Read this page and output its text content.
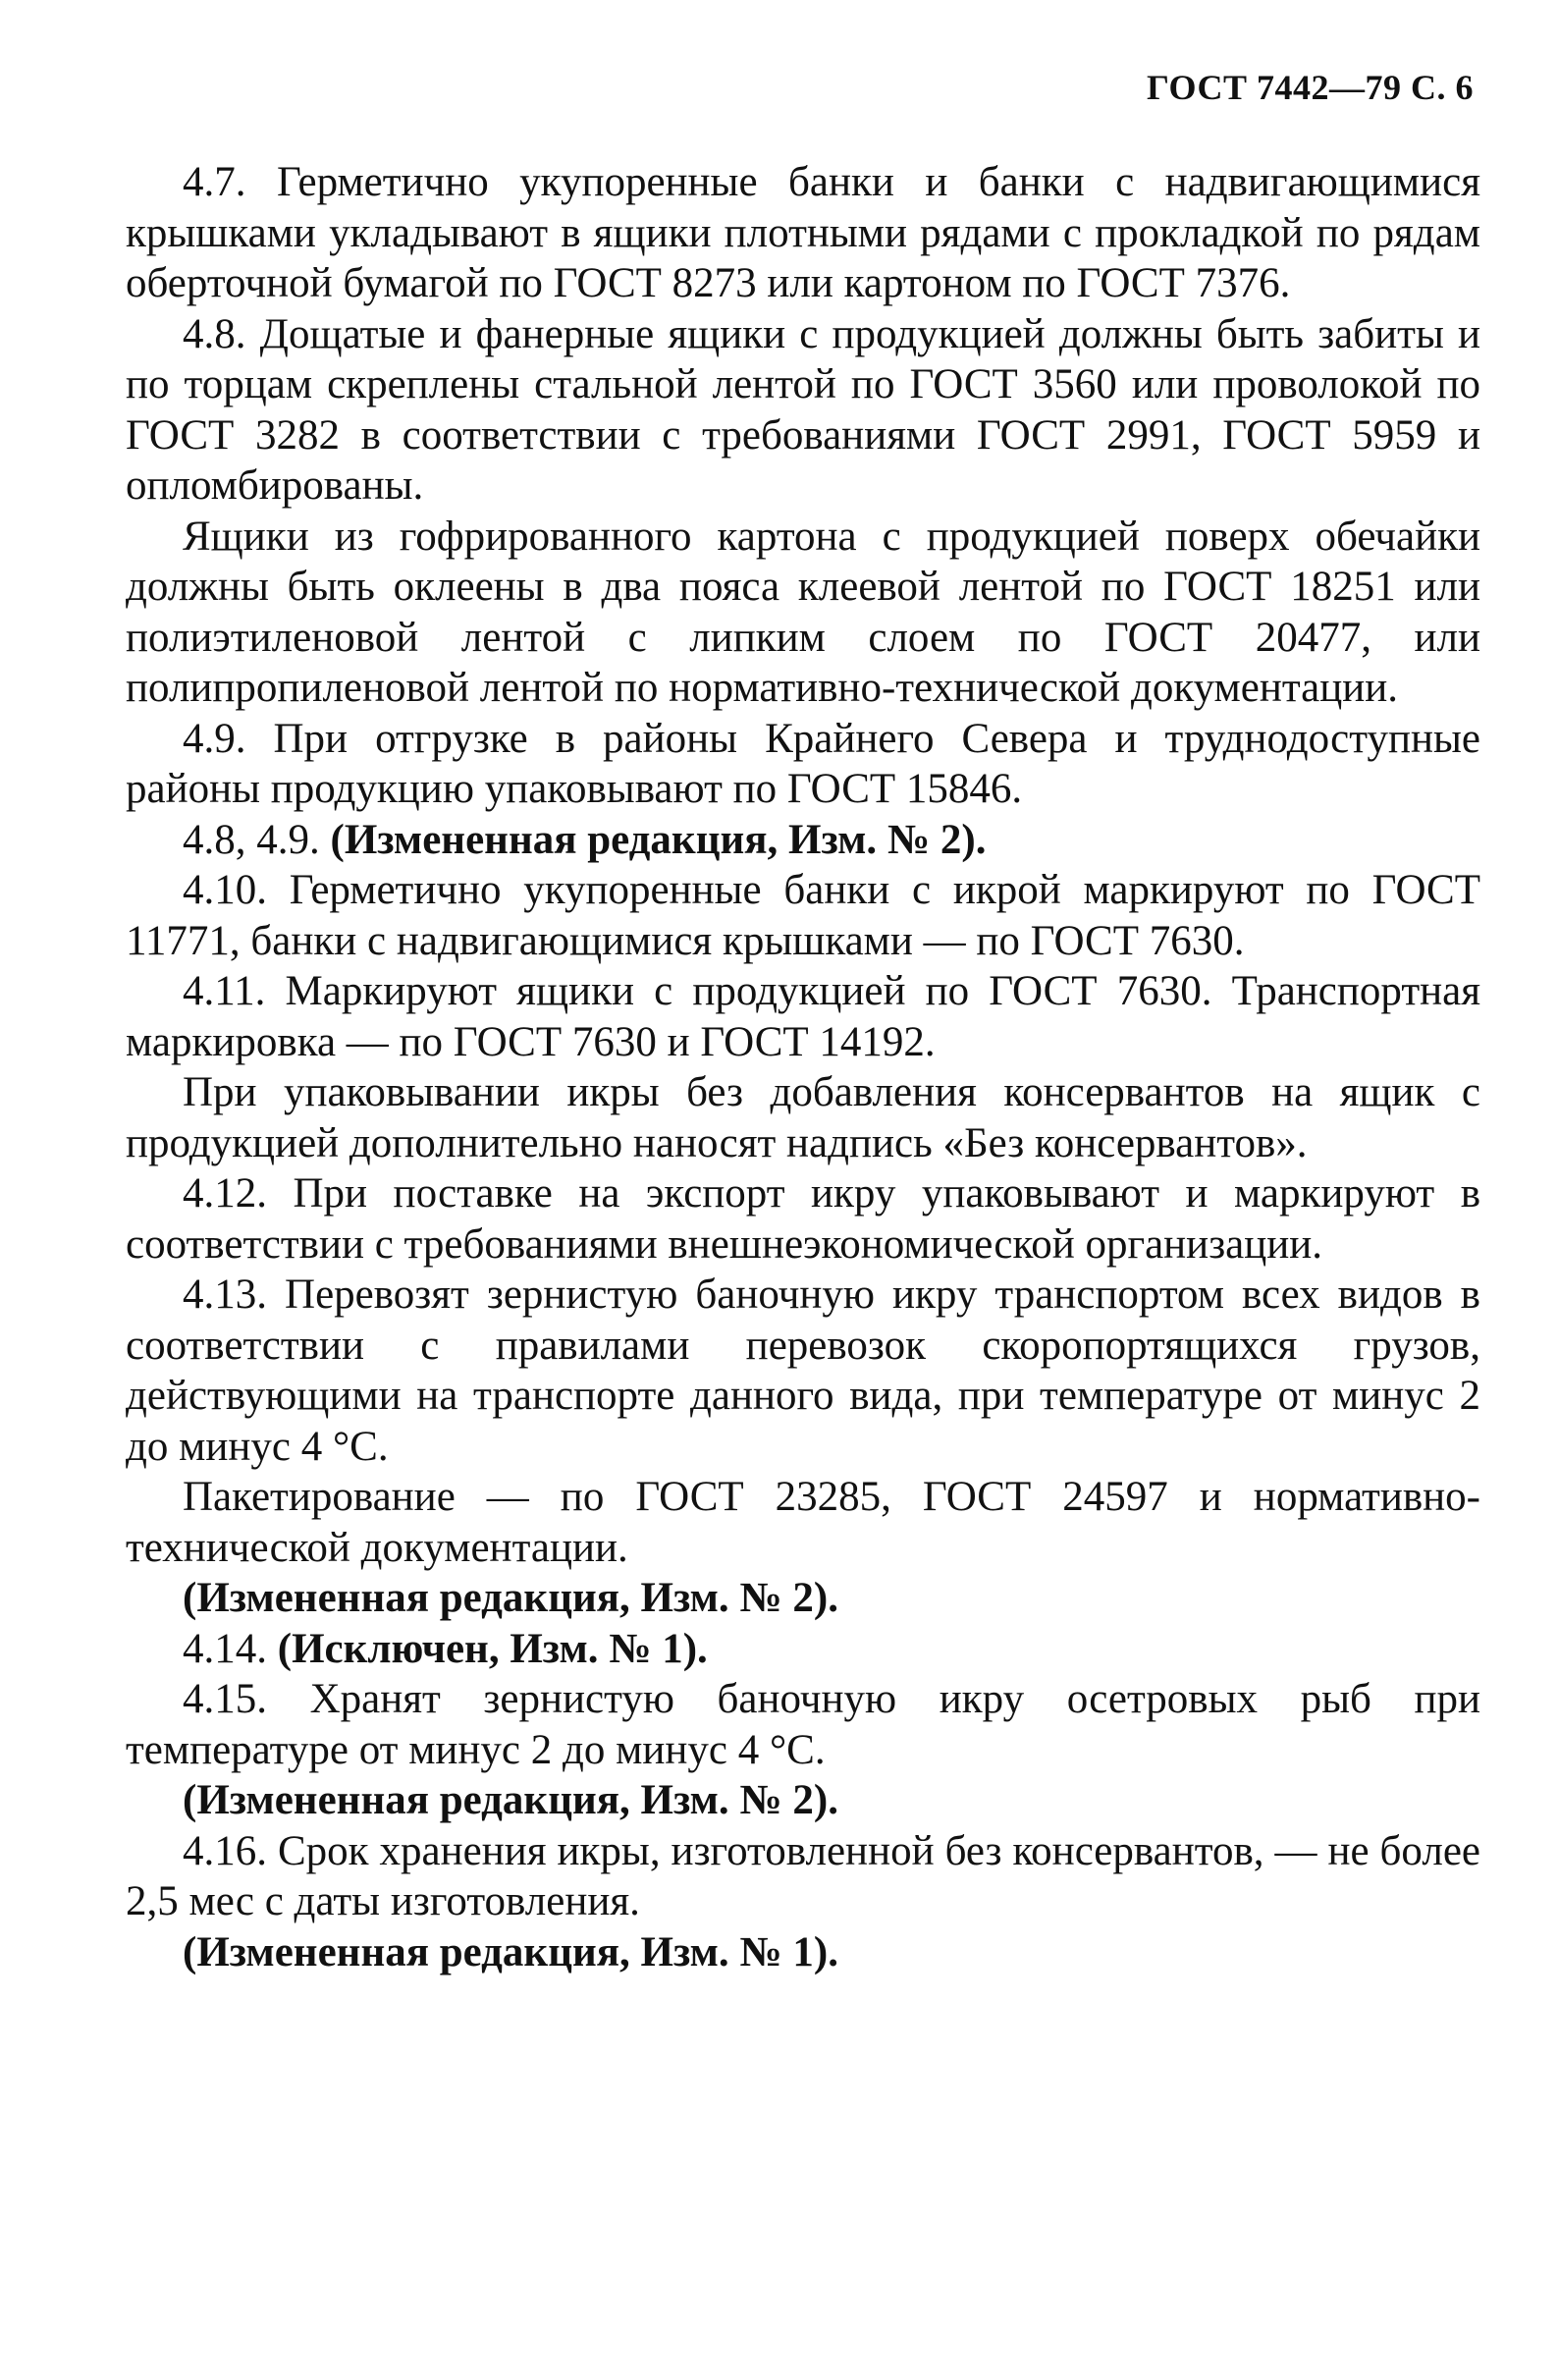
ГОСТ 7442—79 С. 6

4.7. Герметично укупоренные банки и банки с надвигающимися крышками укладывают в ящики плотными рядами с прокладкой по рядам оберточной бумагой по ГОСТ 8273 или картоном по ГОСТ 7376.

4.8. Дощатые и фанерные ящики с продукцией должны быть забиты и по торцам скреплены стальной лентой по ГОСТ 3560 или проволокой по ГОСТ 3282 в соответствии с требованиями ГОСТ 2991, ГОСТ 5959 и опломбированы.

Ящики из гофрированного картона с продукцией поверх обечайки должны быть оклеены в два пояса клеевой лентой по ГОСТ 18251 или полиэтиленовой лентой с липким слоем по ГОСТ 20477, или полипропиленовой лентой по нормативно-технической документации.

4.9. При отгрузке в районы Крайнего Севера и труднодоступные районы продукцию упаковывают по ГОСТ 15846.

4.8, 4.9. (Измененная редакция, Изм. № 2).

4.10. Герметично укупоренные банки с икрой маркируют по ГОСТ 11771, банки с надвигающимися крышками — по ГОСТ 7630.

4.11. Маркируют ящики с продукцией по ГОСТ 7630. Транспортная маркировка — по ГОСТ 7630 и ГОСТ 14192.

При упаковывании икры без добавления консервантов на ящик с продукцией дополнительно наносят надпись «Без консервантов».

4.12. При поставке на экспорт икру упаковывают и маркируют в соответствии с требованиями внешнеэкономической организации.

4.13. Перевозят зернистую баночную икру транспортом всех видов в соответствии с правилами перевозок скоропортящихся грузов, действующими на транспорте данного вида, при температуре от минус 2 до минус 4 °С.

Пакетирование — по ГОСТ 23285, ГОСТ 24597 и нормативно-технической документации.

(Измененная редакция, Изм. № 2).

4.14. (Исключен, Изм. № 1).

4.15. Хранят зернистую баночную икру осетровых рыб при температуре от минус 2 до минус 4 °С.

(Измененная редакция, Изм. № 2).

4.16. Срок хранения икры, изготовленной без консервантов, — не более 2,5 мес с даты изготовления.

(Измененная редакция, Изм. № 1).
